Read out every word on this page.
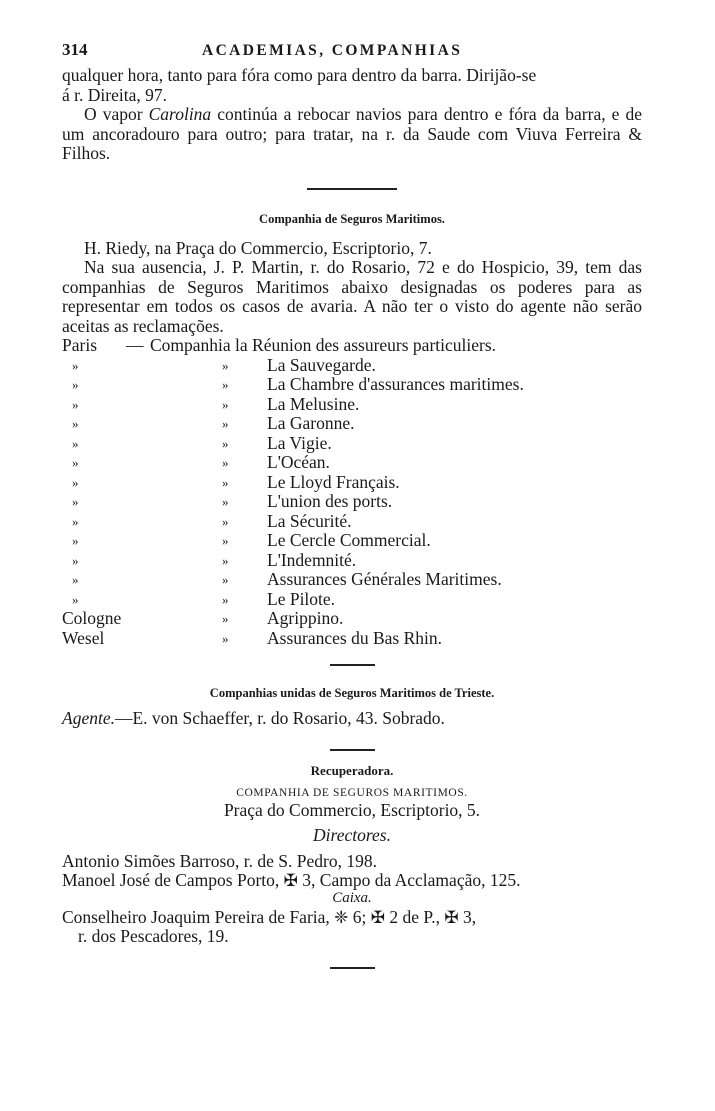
314	ACADEMIAS, COMPANHIAS

qualquer hora, tanto para fóra como para dentro da barra. Dirijão-se

á r. Direita, 97.

O vapor Carolina continúa a rebocar navios para dentro e fóra da barra, e de um ancoradouro para outro; para tratar, na r. da Saude com Viuva Ferreira & Filhos.

Companhia de Seguros Maritimos.

H. Riedy, na Praça do Commercio, Escriptorio, 7.

Na sua ausencia, J. P. Martin, r. do Rosario, 72 e do Hospicio, 39, tem das companhias de Seguros Maritimos abaixo designadas os poderes para as representar em todos os casos de avaria. A não ter o visto do agente não serão aceitas as reclamações.

Paris — Companhia la Réunion des assureurs particuliers.
»	» La Sauvegarde.
»	» La Chambre d'assurances maritimes.
»	» La Melusine.
»	» La Garonne.
»	» La Vigie.
»	» L'Océan.
»	» Le Lloyd Français.
»	» L'union des ports.
»	» La Sécurité.
»	» Le Cercle Commercial.
»	» L'Indemnité.
»	» Assurances Générales Maritimes.
»	» Le Pilote.
Cologne	» Agrippino.
Wesel	» Assurances du Bas Rhin.
Companhias unidas de Seguros Maritimos de Trieste.

Agente.—E. von Schaeffer, r. do Rosario, 43. Sobrado.

Recuperadora.
COMPANHIA DE SEGUROS MARITIMOS.
Praça do Commercio, Escriptorio, 5.
Directores.

Antonio Simões Barroso, r. de S. Pedro, 198.

Manoel José de Campos Porto, ✠ 3, Campo da Acclamação, 125.

Caixa.

Conselheiro Joaquim Pereira de Faria, ❈ 6; ✠ 2 de P., ✠ 3,

r. dos Pescadores, 19.
